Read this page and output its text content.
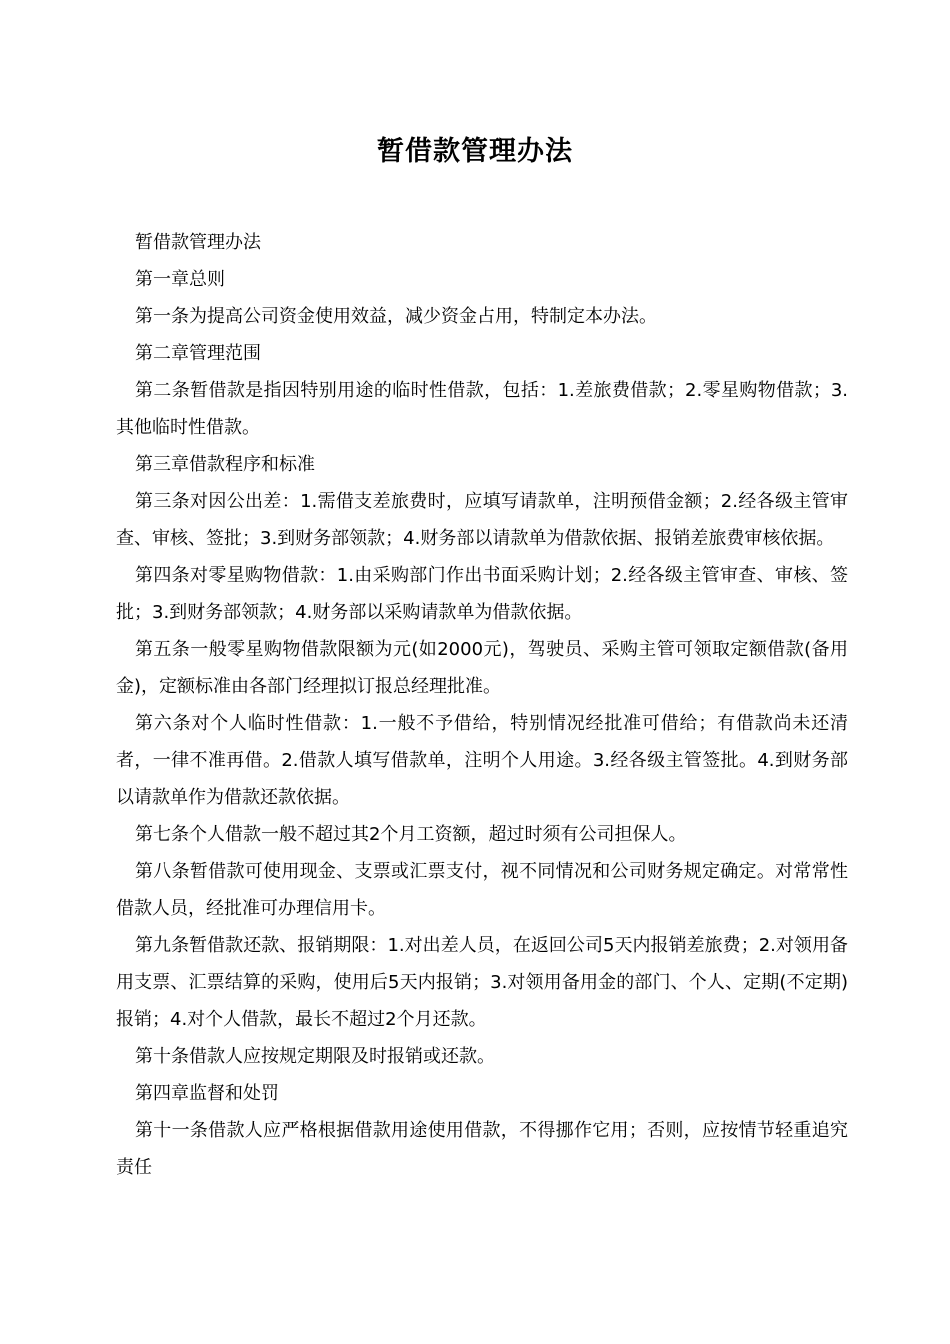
暂借款管理办法

暂借款管理办法

第一章总则

第一条为提高公司资金使用效益，减少资金占用，特制定本办法。

第二章管理范围

第二条暂借款是指因特别用途的临时性借款，包括：1.差旅费借款；2.零星购物借款；3.其他临时性借款。

第三章借款程序和标准

第三条对因公出差：1.需借支差旅费时，应填写请款单，注明预借金额；2.经各级主管审查、审核、签批；3.到财务部领款；4.财务部以请款单为借款依据、报销差旅费审核依据。

第四条对零星购物借款：1.由采购部门作出书面采购计划；2.经各级主管审查、审核、签批；3.到财务部领款；4.财务部以采购请款单为借款依据。

第五条一般零星购物借款限额为元(如2000元)，驾驶员、采购主管可领取定额借款(备用金)，定额标准由各部门经理拟订报总经理批准。

第六条对个人临时性借款：1.一般不予借给，特别情况经批准可借给；有借款尚未还清者，一律不准再借。2.借款人填写借款单，注明个人用途。3.经各级主管签批。4.到财务部以请款单作为借款还款依据。

第七条个人借款一般不超过其2个月工资额，超过时须有公司担保人。

第八条暂借款可使用现金、支票或汇票支付，视不同情况和公司财务规定确定。对常常性借款人员，经批准可办理信用卡。

第九条暂借款还款、报销期限：1.对出差人员，在返回公司5天内报销差旅费；2.对领用备用支票、汇票结算的采购，使用后5天内报销；3.对领用备用金的部门、个人、定期(不定期)报销；4.对个人借款，最长不超过2个月还款。

第十条借款人应按规定期限及时报销或还款。

第四章监督和处罚

第十一条借款人应严格根据借款用途使用借款，不得挪作它用；否则，应按情节轻重追究责任
